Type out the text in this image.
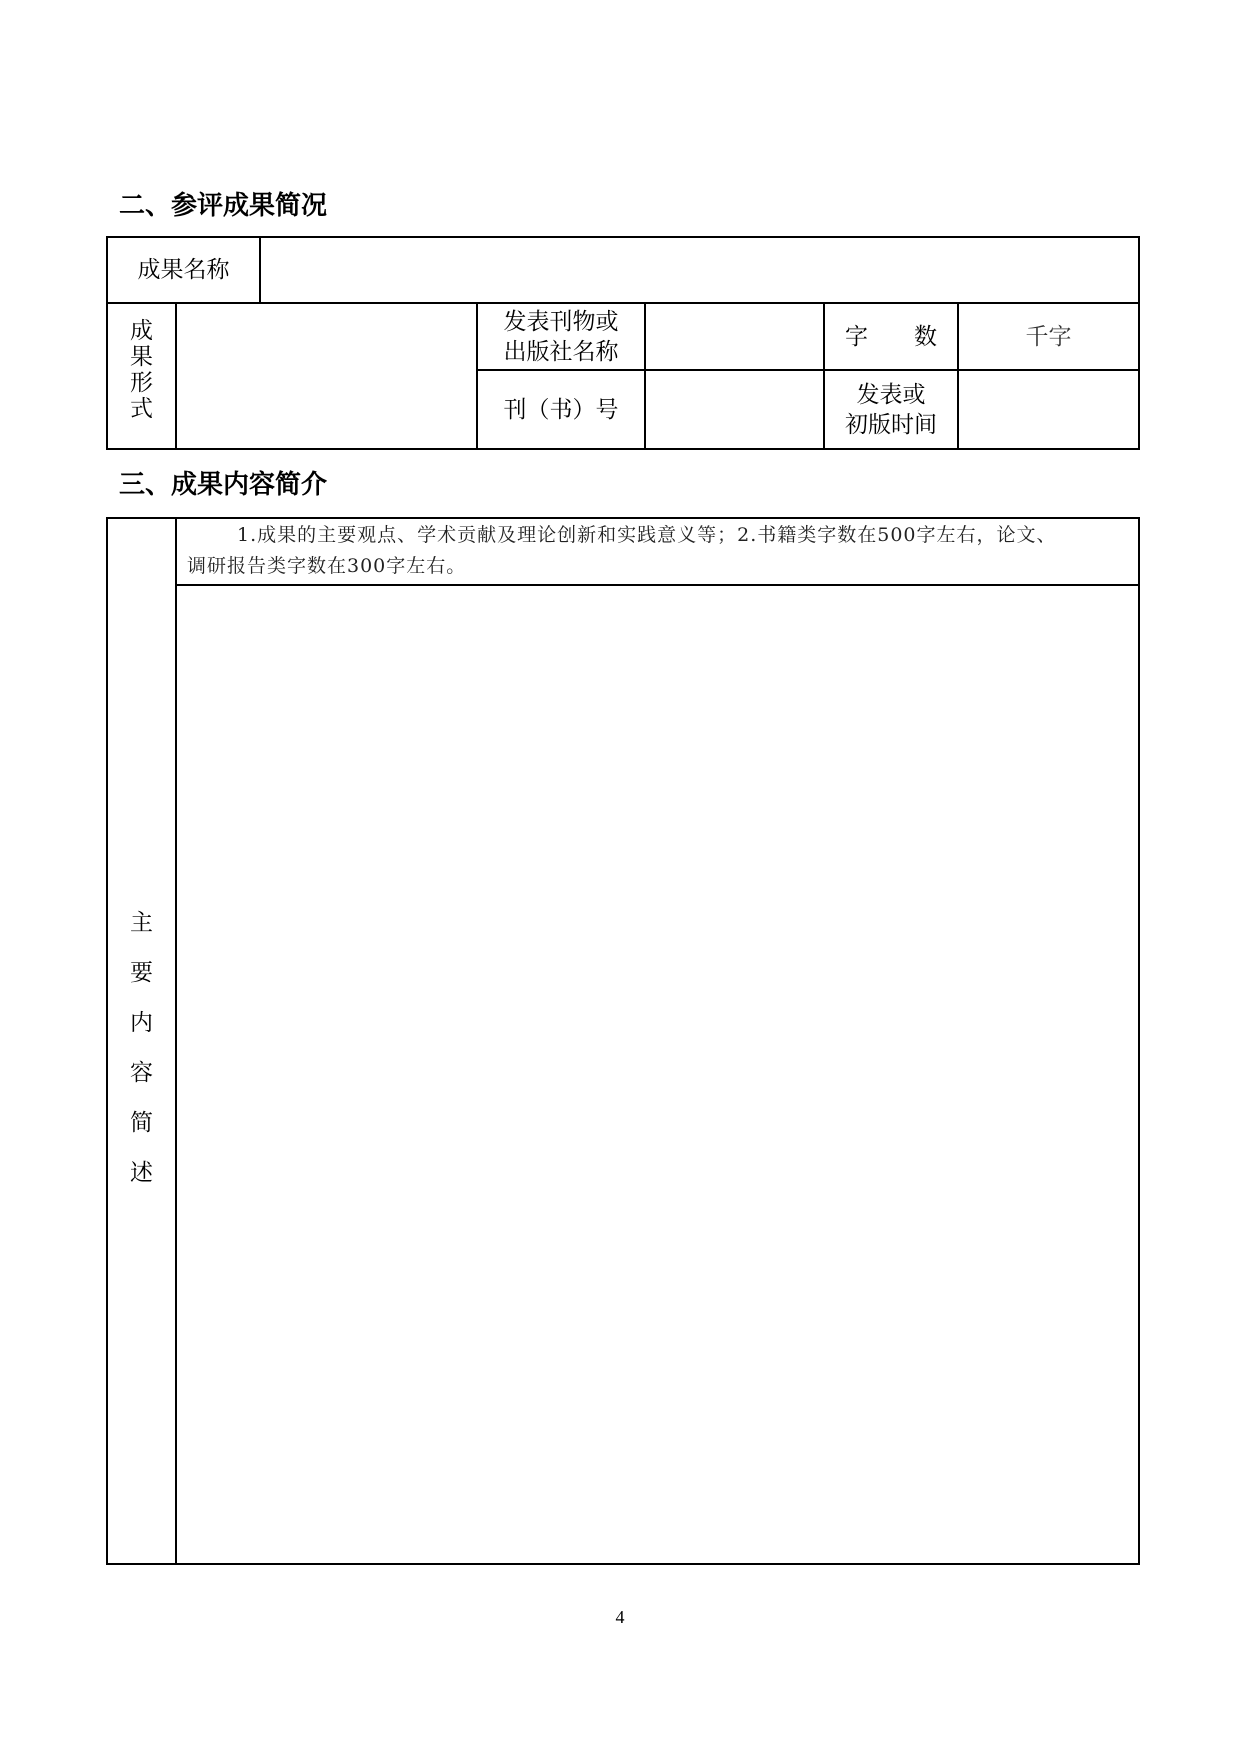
二、参评成果简况
成果名称
成
果
形
式
发表刊物或
出版社名称
字　　数	千字
刊（书）号
发表或
初版时间
三、成果内容简介
主
要
内
容
简
述
1.成果的主要观点、学术贡献及理论创新和实践意义等；2.书籍类字数在500字左右，论文、
调研报告类字数在300字左右。
4
